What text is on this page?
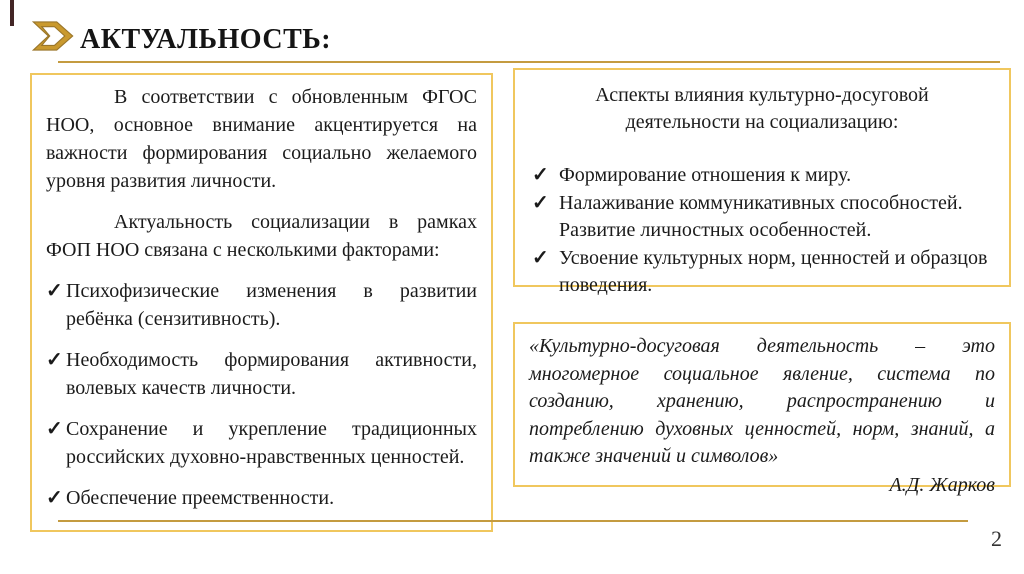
АКТУАЛЬНОСТЬ:

В соответствии с обновленным ФГОС НОО, основное внимание акцентируется на важности формирования социально желаемого уровня развития личности.

Актуальность социализации в рамках ФОП НОО связана с несколькими факторами:

✓ Психофизические изменения в развитии ребёнка (сензитивность).
✓ Необходимость формирования активности, волевых качеств личности.
✓ Сохранение и укрепление традиционных российских духовно-нравственных ценностей.
✓ Обеспечение преемственности.
Аспекты влияния культурно-досуговой деятельности на социализацию:
✓ Формирование отношения к миру.
✓ Налаживание коммуникативных способностей. Развитие личностных особенностей.
✓ Усвоение культурных норм, ценностей и образцов поведения.

«Культурно-досуговая деятельность – это многомерное социальное явление, система по созданию, хранению, распространению и потреблению духовных ценностей, норм, знаний, а также значений и символов»

А.Д. Жарков

2
